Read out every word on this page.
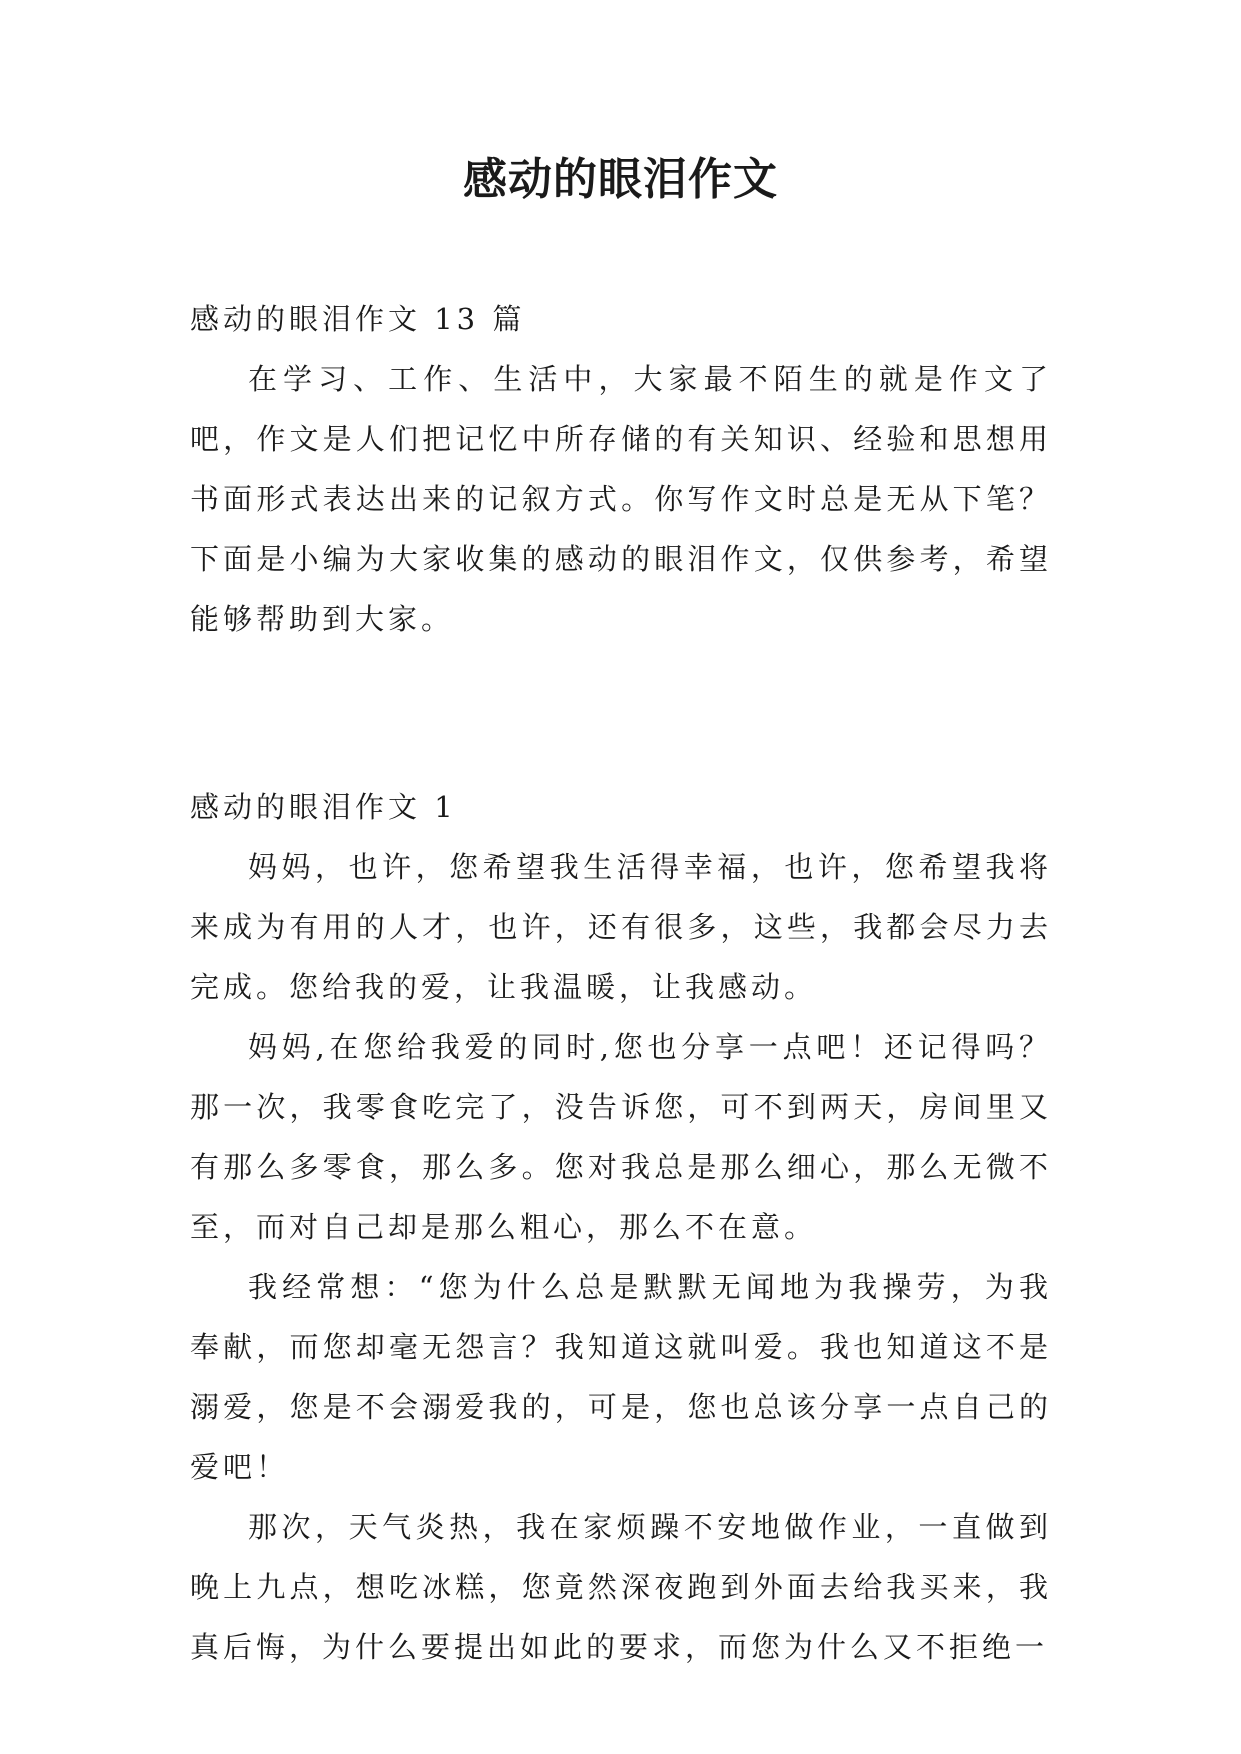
感动的眼泪作文

感动的眼泪作文 13 篇

在学习、工作、生活中，大家最不陌生的就是作文了吧，作文是人们把记忆中所存储的有关知识、经验和思想用书面形式表达出来的记叙方式。你写作文时总是无从下笔？下面是小编为大家收集的感动的眼泪作文，仅供参考，希望能够帮助到大家。

感动的眼泪作文 1

妈妈，也许，您希望我生活得幸福，也许，您希望我将来成为有用的人才，也许，还有很多，这些，我都会尽力去完成。您给我的爱，让我温暖，让我感动。

妈妈,在您给我爱的同时,您也分享一点吧！还记得吗？那一次，我零食吃完了，没告诉您，可不到两天，房间里又有那么多零食，那么多。您对我总是那么细心，那么无微不至，而对自己却是那么粗心，那么不在意。

我经常想：“您为什么总是默默无闻地为我操劳，为我奉献，而您却毫无怨言？我知道这就叫爱。我也知道这不是溺爱，您是不会溺爱我的，可是，您也总该分享一点自己的爱吧！

那次，天气炎热，我在家烦躁不安地做作业，一直做到晚上九点，想吃冰糕，您竟然深夜跑到外面去给我买来，我真后悔，为什么要提出如此的要求，而您为什么又不拒绝一
